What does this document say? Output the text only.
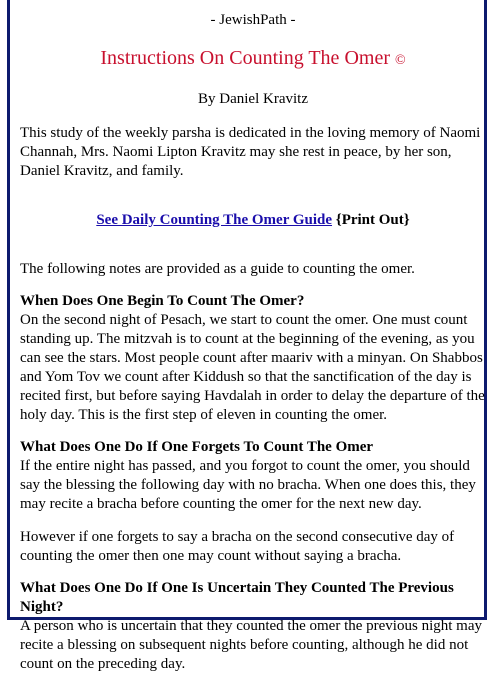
- JewishPath -

Instructions On Counting The Omer ©

By Daniel Kravitz

This study of the weekly parsha is dedicated in the loving memory of Naomi Channah, Mrs. Naomi Lipton Kravitz may she rest in peace, by her son, Daniel Kravitz, and family.

See Daily Counting The Omer Guide {Print Out}

The following notes are provided as a guide to counting the omer.

When Does One Begin To Count The Omer?

On the second night of Pesach, we start to count the omer. One must count standing up. The mitzvah is to count at the beginning of the evening, as you can see the stars. Most people count after maariv with a minyan. On Shabbos and Yom Tov we count after Kiddush so that the sanctification of the day is recited first, but before saying Havdalah in order to delay the departure of the holy day. This is the first step of eleven in counting the omer.

What Does One Do If One Forgets To Count The Omer

If the entire night has passed, and you forgot to count the omer, you should say the blessing the following day with no bracha. When one does this, they may recite a bracha before counting the omer for the next new day.

However if one forgets to say a bracha on the second consecutive day of counting the omer then one may count without saying a bracha.

What Does One Do If One Is Uncertain They Counted The Previous Night?

A person who is uncertain that they counted the omer the previous night may recite a blessing on subsequent nights before counting, although he did not count on the preceding day.
